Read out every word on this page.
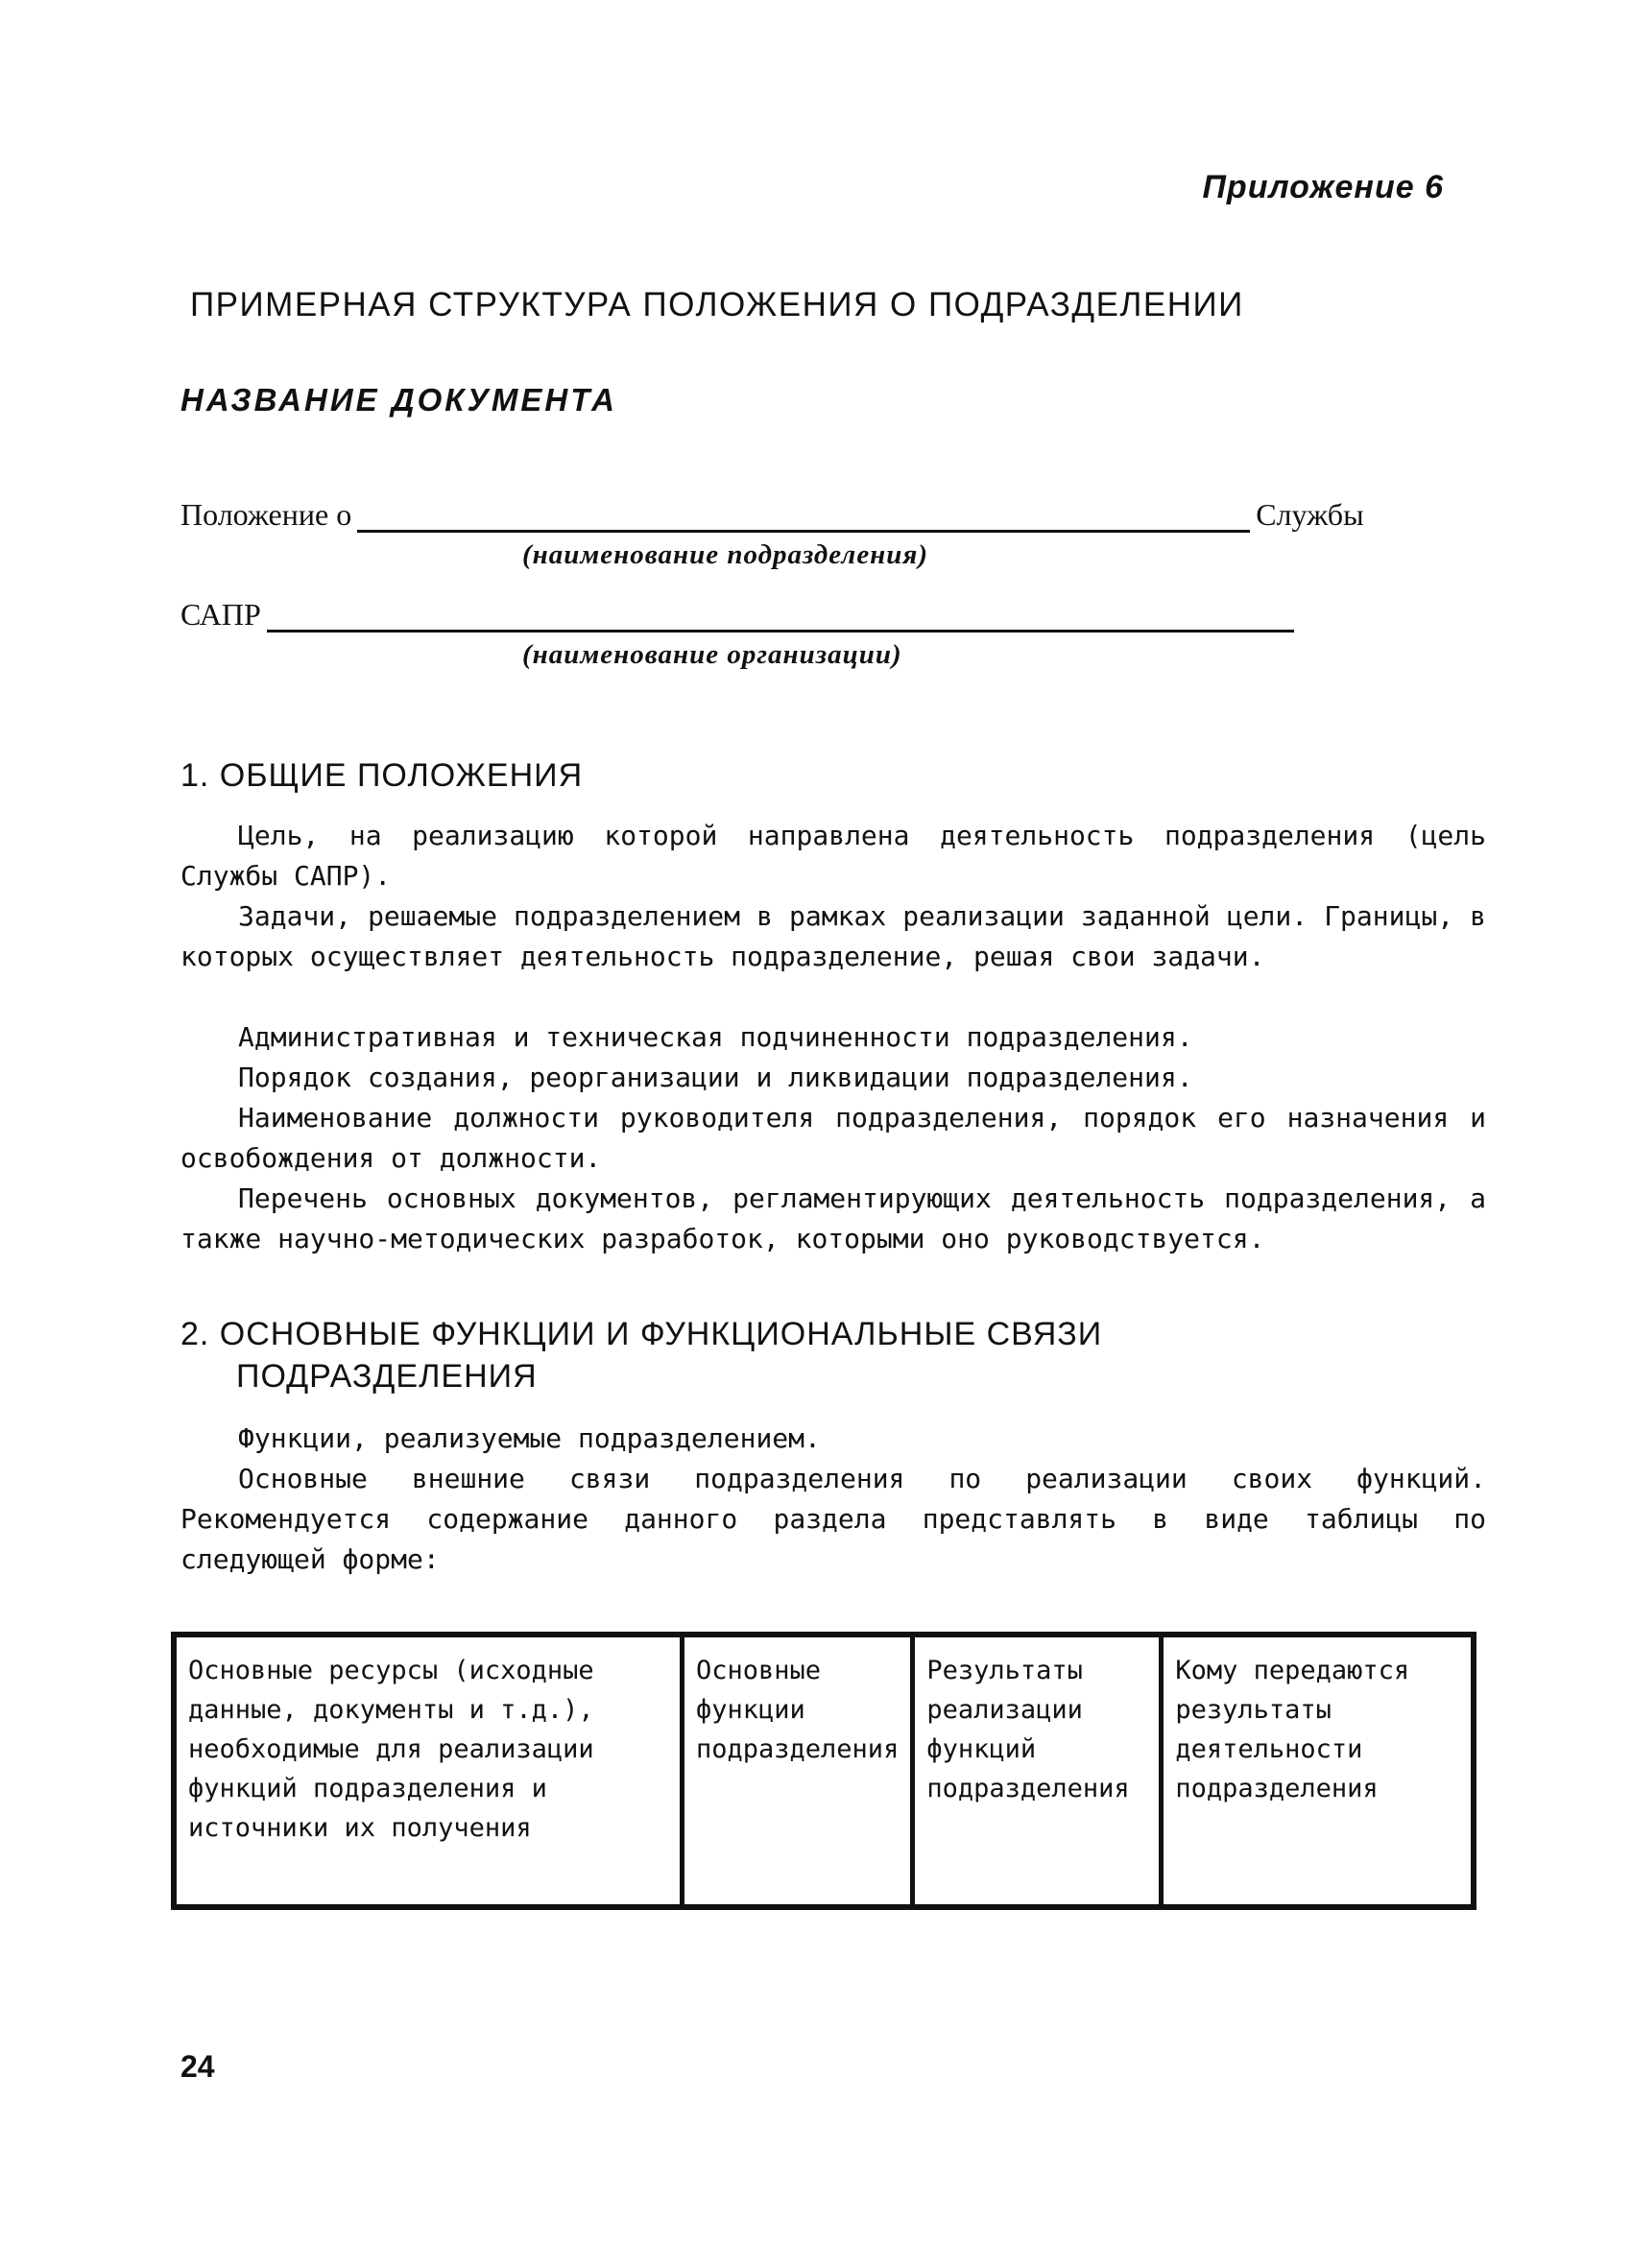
Приложение 6
ПРИМЕРНАЯ СТРУКТУРА ПОЛОЖЕНИЯ О ПОДРАЗДЕЛЕНИИ
НАЗВАНИЕ ДОКУМЕНТА
Положение о	Службы
(наименование подразделения)
САПР
(наименование организации)
1. ОБЩИЕ ПОЛОЖЕНИЯ
Цель, на реализацию которой направлена деятельность подразделения (цель Службы САПР).
Задачи, решаемые подразделением в рамках реализации заданной цели. Границы, в которых осуществляет деятельность подразделение, решая свои задачи.
Административная и техническая подчиненности подразделения.
Порядок создания, реорганизации и ликвидации подразделения.
Наименование должности руководителя подразделения, порядок его назначения и освобождения от должности.
Перечень основных документов, регламентирующих деятельность подразделения, а также научно-методических разработок, которыми оно руководствуется.
2. ОСНОВНЫЕ ФУНКЦИИ И ФУНКЦИОНАЛЬНЫЕ СВЯЗИ
ПОДРАЗДЕЛЕНИЯ
Функции, реализуемые подразделением.
Основные внешние связи подразделения по реализации своих функций. Рекомендуется содержание данного раздела представлять в виде таблицы по следующей форме:
Основные ресурсы (исходные данные, документы и т.д.), необходимые для реализации функций подразделения и источники их получения	Основные функции подразделения	Результаты реализации функций подразделения	Кому передаются результаты деятельности подразделения
24
